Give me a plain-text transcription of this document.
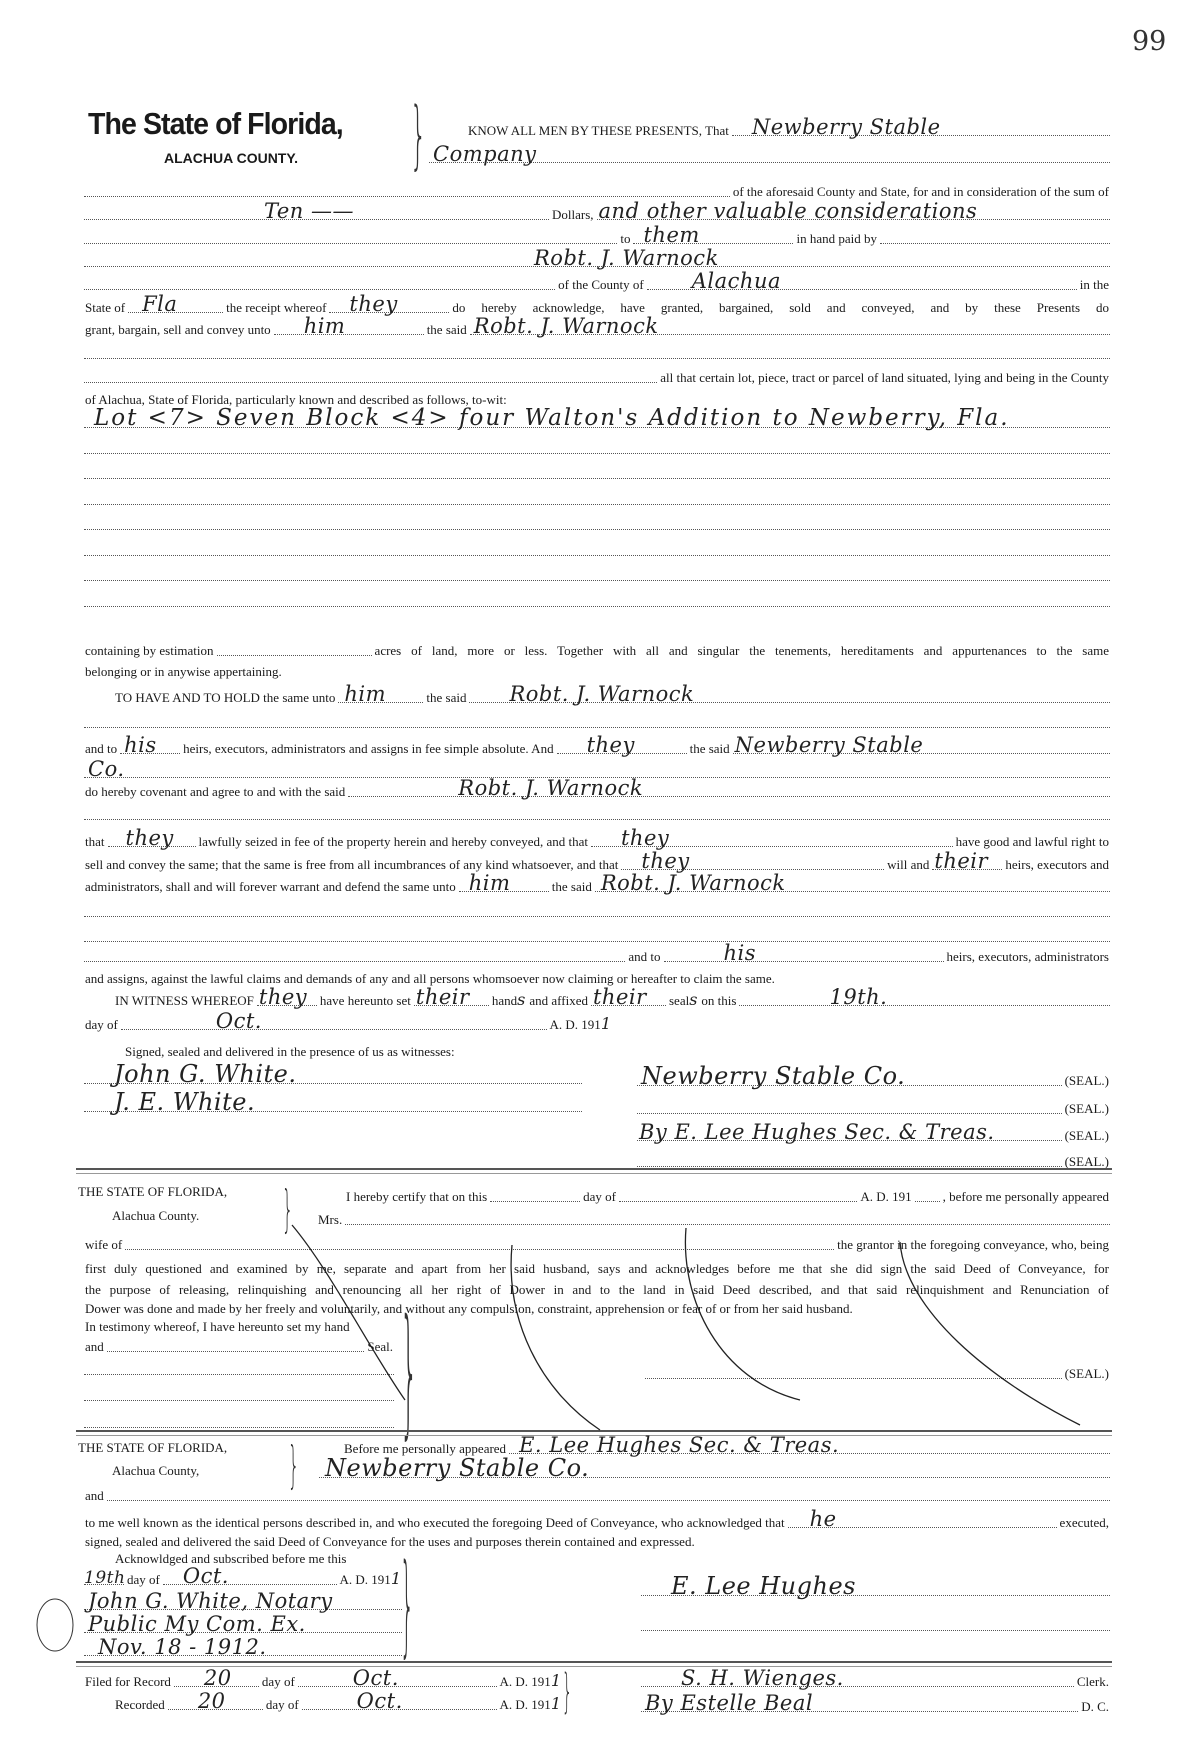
99
The State of Florida,
ALACHUA COUNTY. }	KNOW ALL MEN BY THESE PRESENTS, That Newberry Stable
Company
of the aforesaid County and State, for and in consideration of the sum of
Ten ——	Dollars, and other valuable considerations
to them	in hand paid by
Robt. J. Warnock
of the County of Alachua	in the
State of Fla	the receipt whereof they	do hereby acknowledge, have granted, bargained, sold and conveyed, and by these Presents do
grant, bargain, sell and convey unto him	the said Robt. J. Warnock
all that certain lot, piece, tract or parcel of land situated, lying and being in the County
of Alachua, State of Florida, particularly known and described as follows, to-wit:
Lot <7> Seven Block <4> four Walton's Addition to Newberry, Fla.
containing by estimation	acres of land, more or less. Together with all and singular the tenements, hereditaments and appurtenances to the same
belonging or in anywise appertaining.
TO HAVE AND TO HOLD the same unto him	the said Robt. J. Warnock
and to his heirs, executors, administrators and assigns in fee simple absolute. And they	the said Newberry Stable
Co.
do hereby covenant and agree to and with the said	Robt. J. Warnock
that they lawfully seized in fee of the property herein and hereby conveyed, and that they	have good and lawful right to
sell and convey the same; that the same is free from all incumbrances of any kind whatsoever, and that they	will and their heirs, executors and
administrators, shall and will forever warrant and defend the same unto him	the said Robt. J. Warnock
and to	his	heirs, executors, administrators
and assigns, against the lawful claims and demands of any and all persons whomsoever now claiming or hereafter to claim the same.
IN WITNESS WHEREOF they have hereunto set their hands and affixed their seals on this	19th.
day of	Oct.	A. D. 1911
Signed, sealed and delivered in the presence of us as witnesses:
John G. White.
J. E. White.
Newberry Stable Co.	(SEAL.)
(SEAL.)
By E. Lee Hughes Sec. & Treas.	(SEAL.)
(SEAL.)
THE STATE OF FLORIDA,
Alachua County. }	I hereby certify that on this	day of	A. D. 191 , before me personally appeared
Mrs.
wife of	the grantor in the foregoing conveyance, who, being
first duly questioned and examined by me, separate and apart from her said husband, says and acknowledges before me that she did sign the said Deed of Conveyance, for
the purpose of releasing, relinquishing and renouncing all her right of Dower in and to the land in said Deed described, and that said relinquishment and Renunciation of
Dower was done and made by her freely and voluntarily, and without any compulsion, constraint, apprehension or fear of or from her said husband.
In testimony whereof, I have hereunto set my hand
and	Seal. }	(SEAL.)
THE STATE OF FLORIDA,
Alachua County, }	Before me personally appeared E. Lee Hughes Sec. & Treas.
Newberry Stable Co.
and
to me well known as the identical persons described in, and who executed the foregoing Deed of Conveyance, who acknowledged that he	executed,
signed, sealed and delivered the said Deed of Conveyance for the uses and purposes therein contained and expressed.
Acknowldged and subscribed before me this
19th day of Oct.	A. D. 1911
John G. White, Notary
Public My Com. Ex.
Nov. 18 - 1912. }	E. Lee Hughes
Filed for Record 20 day of	Oct.	A. D. 1911
Recorded 20	day of	Oct.	A. D. 1911 }	S. H. Wienges.	Clerk.
By Estelle Beal	D. C.
